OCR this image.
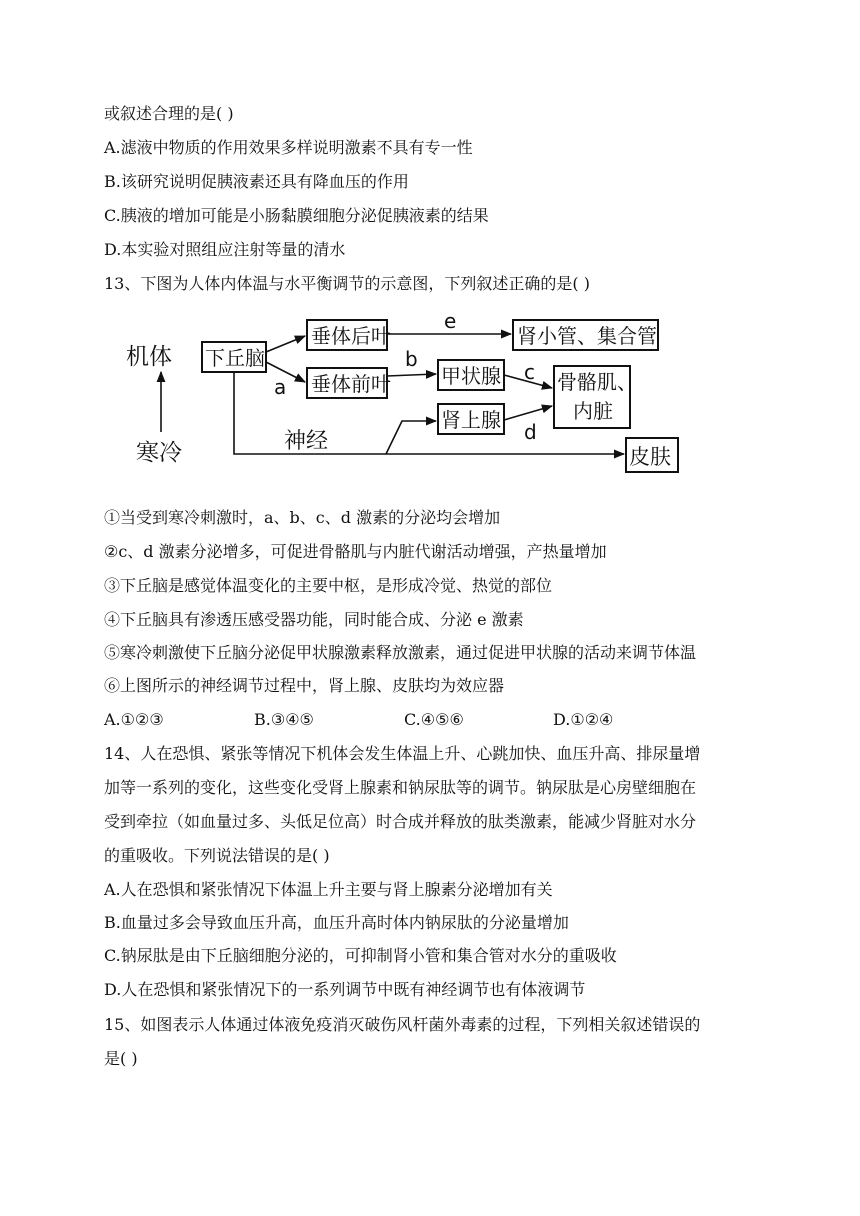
或叙述合理的是( )
A.滤液中物质的作用效果多样说明激素不具有专一性
B.该研究说明促胰液素还具有降血压的作用
C.胰液的增加可能是小肠黏膜细胞分泌促胰液素的结果
D.本实验对照组应注射等量的清水
13、下图为人体内体温与水平衡调节的示意图，下列叙述正确的是( )
机体 下丘脑
寒冷
垂体后叶
垂体前叶	甲状腺
肾上腺
肾小管、集合管
骨骼肌、
内脏
皮肤
神经
a
b
c
d
e
①当受到寒冷刺激时，a、b、c、d 激素的分泌均会增加
②c、d 激素分泌增多，可促进骨骼肌与内脏代谢活动增强，产热量增加
③下丘脑是感觉体温变化的主要中枢，是形成冷觉、热觉的部位
④下丘脑具有渗透压感受器功能，同时能合成、分泌 e 激素
⑤寒冷刺激使下丘脑分泌促甲状腺激素释放激素，通过促进甲状腺的活动来调节体温
⑥上图所示的神经调节过程中，肾上腺、皮肤均为效应器
A.①②③	B.③④⑤	C.④⑤⑥	D.①②④
14、人在恐惧、紧张等情况下机体会发生体温上升、心跳加快、血压升高、排尿量增
加等一系列的变化，这些变化受肾上腺素和钠尿肽等的调节。钠尿肽是心房壁细胞在
受到牵拉（如血量过多、头低足位高）时合成并释放的肽类激素，能减少肾脏对水分
的重吸收。下列说法错误的是( )
A.人在恐惧和紧张情况下体温上升主要与肾上腺素分泌增加有关
B.血量过多会导致血压升高，血压升高时体内钠尿肽的分泌量增加
C.钠尿肽是由下丘脑细胞分泌的，可抑制肾小管和集合管对水分的重吸收
D.人在恐惧和紧张情况下的一系列调节中既有神经调节也有体液调节
15、如图表示人体通过体液免疫消灭破伤风杆菌外毒素的过程，下列相关叙述错误的
是( )
